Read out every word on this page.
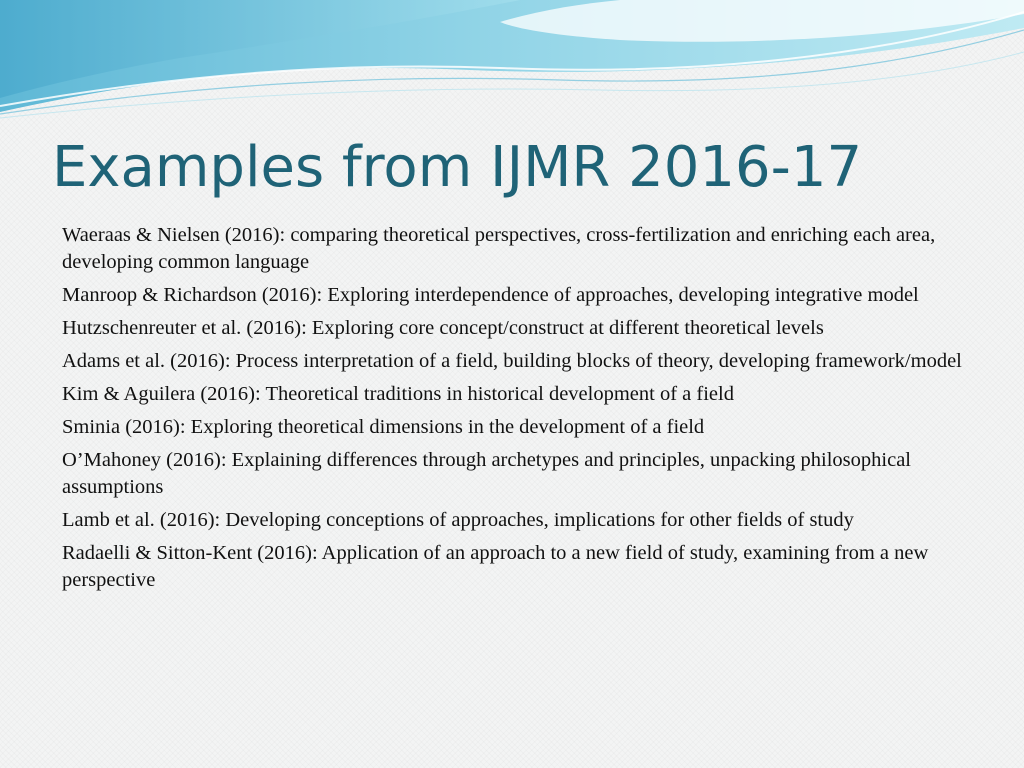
Examples from IJMR 2016-17
Waeraas & Nielsen (2016): comparing theoretical perspectives, cross-fertilization and enriching each area, developing common language
Manroop & Richardson (2016): Exploring interdependence of approaches, developing integrative model
Hutzschenreuter et al. (2016): Exploring core concept/construct at different theoretical levels
Adams et al. (2016): Process interpretation of a field, building blocks of theory, developing framework/model
Kim & Aguilera (2016): Theoretical traditions in historical development of a field
Sminia (2016): Exploring theoretical dimensions in the development of a field
O’Mahoney (2016): Explaining differences through archetypes and principles, unpacking philosophical assumptions
Lamb et al. (2016): Developing conceptions of approaches, implications for other fields of study
Radaelli & Sitton-Kent (2016): Application of an approach to a new field of study, examining from a new perspective
